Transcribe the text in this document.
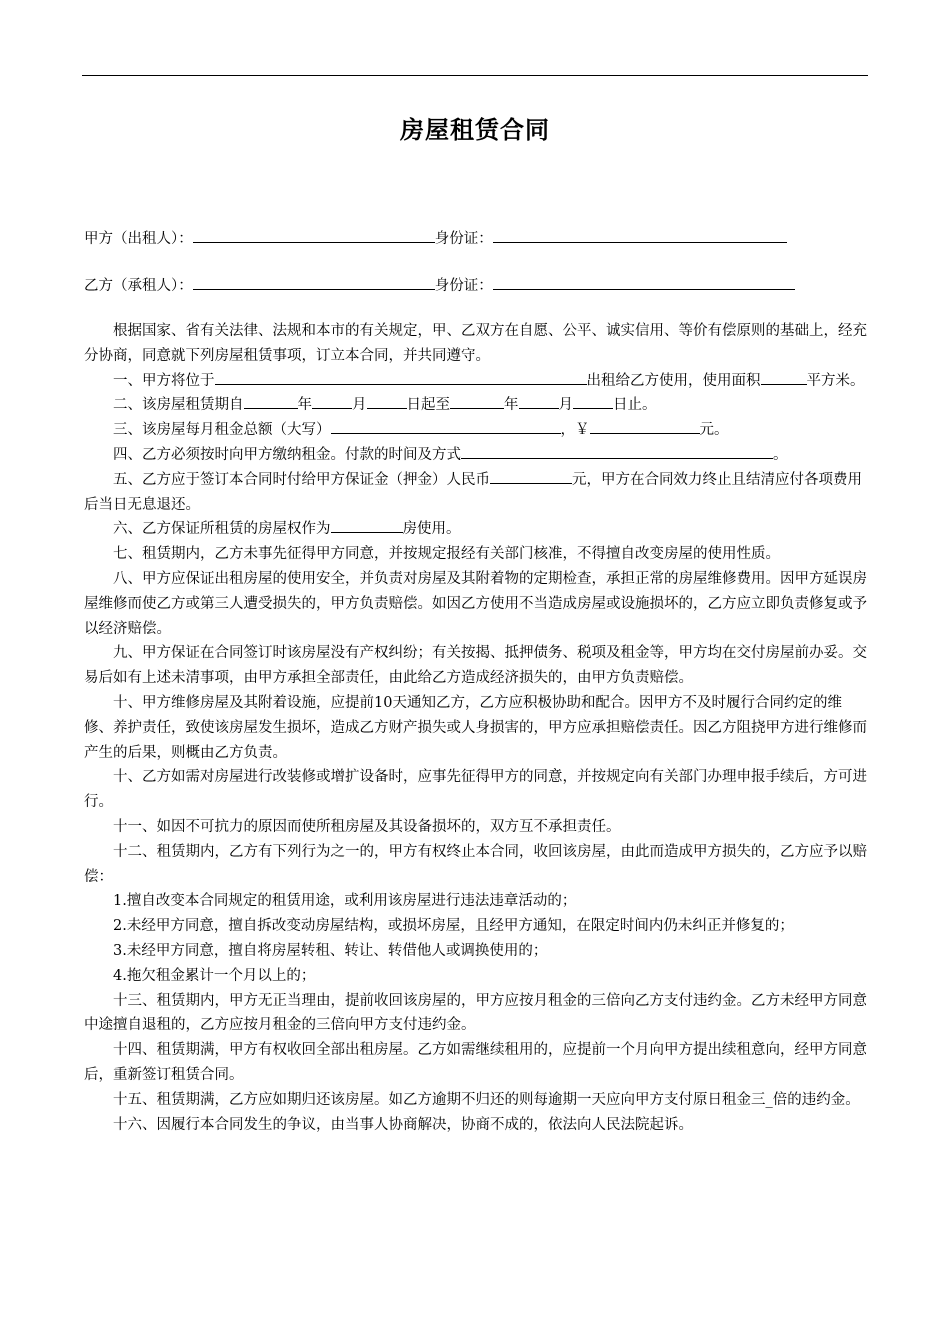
房屋租赁合同
甲方（出租人）：	身份证：
乙方（承租人）：	身份证：

根据国家、省有关法律、法规和本市的有关规定，甲、乙双方在自愿、公平、诚实信用、等价有偿原则的基础上，经充分协商，同意就下列房屋租赁事项，订立本合同，并共同遵守。

一、甲方将位于	出租给乙方使用，使用面积	平方米。

二、该房屋租赁期自	年	月	日起至	年	月	日止。

三、该房屋每月租金总额（大写）	，￥	元。

四、乙方必须按时向甲方缴纳租金。付款的时间及方式	。

五、乙方应于签订本合同时付给甲方保证金（押金）人民币	元，甲方在合同效力终止且结清应付各项费用后当日无息退还。

六、乙方保证所租赁的房屋权作为	房使用。

七、租赁期内，乙方未事先征得甲方同意，并按规定报经有关部门核准，不得擅自改变房屋的使用性质。

八、甲方应保证出租房屋的使用安全，并负责对房屋及其附着物的定期检查，承担正常的房屋维修费用。因甲方延误房屋维修而使乙方或第三人遭受损失的，甲方负责赔偿。如因乙方使用不当造成房屋或设施损坏的，乙方应立即负责修复或予以经济赔偿。

九、甲方保证在合同签订时该房屋没有产权纠纷；有关按揭、抵押债务、税项及租金等，甲方均在交付房屋前办妥。交易后如有上述未清事项，由甲方承担全部责任，由此给乙方造成经济损失的，由甲方负责赔偿。

十、甲方维修房屋及其附着设施，应提前10天通知乙方，乙方应积极协助和配合。因甲方不及时履行合同约定的维修、养护责任，致使该房屋发生损坏，造成乙方财产损失或人身损害的，甲方应承担赔偿责任。因乙方阻挠甲方进行维修而产生的后果，则概由乙方负责。

十、乙方如需对房屋进行改装修或增扩设备时，应事先征得甲方的同意，并按规定向有关部门办理申报手续后，方可进行。

十一、如因不可抗力的原因而使所租房屋及其设备损坏的，双方互不承担责任。

十二、租赁期内，乙方有下列行为之一的，甲方有权终止本合同，收回该房屋，由此而造成甲方损失的，乙方应予以赔偿：

1.擅自改变本合同规定的租赁用途，或利用该房屋进行违法违章活动的；

2.未经甲方同意，擅自拆改变动房屋结构，或损坏房屋，且经甲方通知，在限定时间内仍未纠正并修复的；

3.未经甲方同意，擅自将房屋转租、转让、转借他人或调换使用的；

4.拖欠租金累计一个月以上的；

十三、租赁期内，甲方无正当理由，提前收回该房屋的，甲方应按月租金的三倍向乙方支付违约金。乙方未经甲方同意中途擅自退租的，乙方应按月租金的三倍向甲方支付违约金。

十四、租赁期满，甲方有权收回全部出租房屋。乙方如需继续租用的，应提前一个月向甲方提出续租意向，经甲方同意后，重新签订租赁合同。

十五、租赁期满，乙方应如期归还该房屋。如乙方逾期不归还的则每逾期一天应向甲方支付原日租金三_倍的违约金。

十六、因履行本合同发生的争议，由当事人协商解决，协商不成的，依法向人民法院起诉。
